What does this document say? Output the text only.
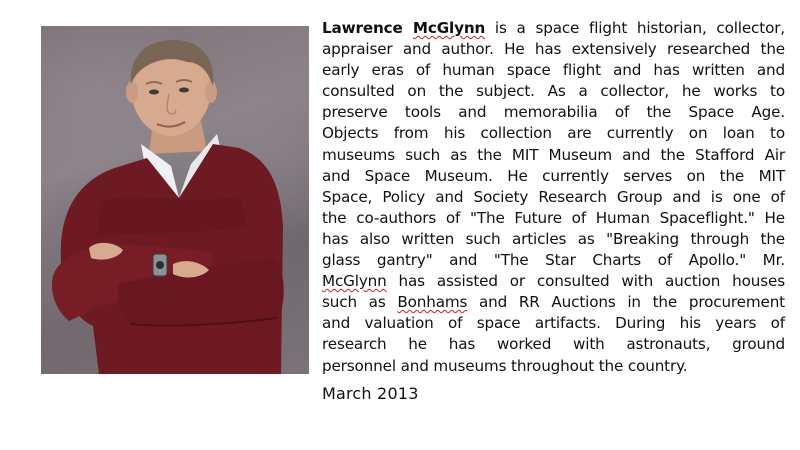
Lawrence McGlynn is a space flight historian, collector,
appraiser and author. He has extensively researched the
early eras of human space flight and has written and
consulted on the subject. As a collector, he works to
preserve tools and memorabilia of the Space Age.
Objects from his collection are currently on loan to
museums such as the MIT Museum and the Stafford Air
and Space Museum. He currently serves on the MIT
Space, Policy and Society Research Group and is one of
the co-authors of "The Future of Human Spaceflight." He
has also written such articles as "Breaking through the
glass gantry" and "The Star Charts of Apollo." Mr.
McGlynn has assisted or consulted with auction houses
such as Bonhams and RR Auctions in the procurement
and valuation of space artifacts. During his years of
research he has worked with astronauts, ground
personnel and museums throughout the country.
March 2013
